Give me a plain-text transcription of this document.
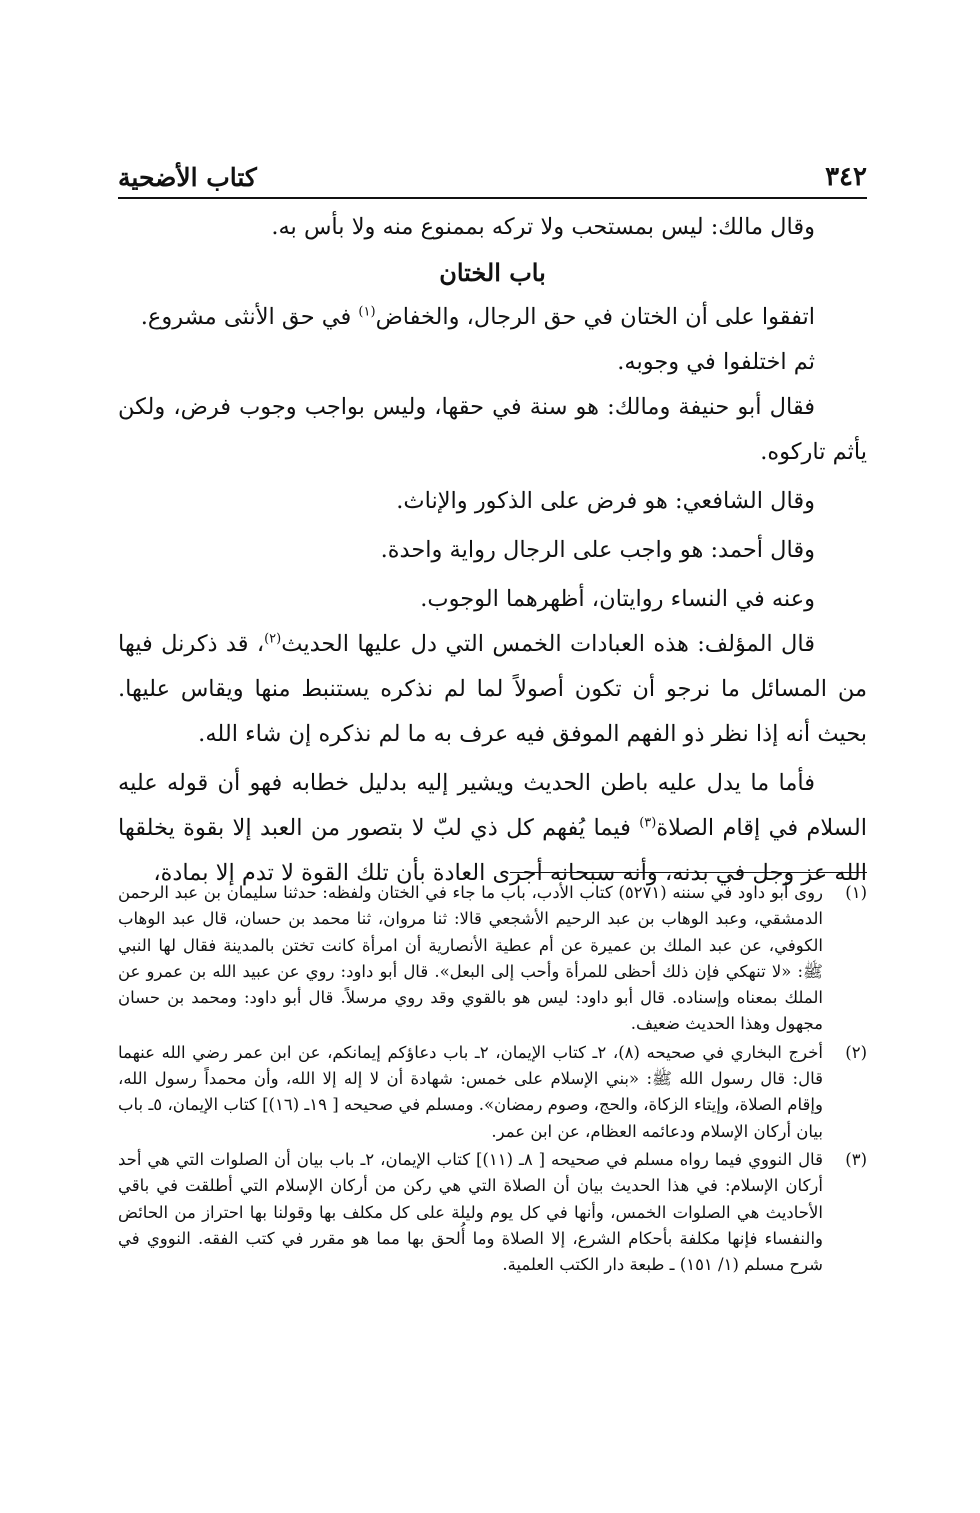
٣٤٢
كتاب الأضحية

وقال مالك: ليس بمستحب ولا تركه بممنوع منه ولا بأس به.

باب الختان

اتفقوا على أن الختان في حق الرجال، والخفاض$^{(١)}$ في حق الأنثى مشروع.

ثم اختلفوا في وجوبه.

فقال أبو حنيفة ومالك: هو سنة في حقها، وليس بواجب وجوب فرض، ولكن يأثم تاركوه.

وقال الشافعي: هو فرض على الذكور والإناث.

وقال أحمد: هو واجب على الرجال رواية واحدة.

وعنه في النساء روايتان، أظهرهما الوجوب.

قال المؤلف: هذه العبادات الخمس التي دل عليها الحديث$^{(٢)}$، قد ذكرنل فيها من المسائل ما نرجو أن تكون أصولاً لما لم نذكره يستنبط منها ويقاس عليها. بحيث أنه إذا نظر ذو الفهم الموفق فيه عرف به ما لم نذكره إن شاء الله.

فأما ما يدل عليه باطن الحديث ويشير إليه بدليل خطابه فهو أن قوله عليه السلام في إقام الصلاة$^{(٣)}$ فيما يُفهم كل ذي لبّ لا بتصور من العبد إلا بقوة يخلقها الله عز وجل في بدنه، وأنه سبحانه أجرى العادة بأن تلك القوة لا تدم إلا بمادة،

(١)
روى أبو داود في سننه (٥٢٧١) كتاب الأدب، باب ما جاء في الختان ولفظه: حدثنا سليمان بن عبد الرحمن الدمشقي، وعبد الوهاب بن عبد الرحيم الأشجعي قالا: ثنا مروان، ثنا محمد بن حسان، قال عبد الوهاب الكوفي، عن عبد الملك بن عميرة عن أم عطية الأنصارية أن امرأة كانت تختن بالمدينة فقال لها النبي ﷺ: «لا تنهكي فإن ذلك أحظى للمرأة وأحب إلى البعل». قال أبو داود: روي عن عبيد الله بن عمرو عن الملك بمعناه وإسناده. قال أبو داود: ليس هو بالقوي وقد روي مرسلاً. قال أبو داود: ومحمد بن حسان مجهول وهذا الحديث ضعيف.
(٢)
أخرج البخاري في صحيحه (٨)، ٢ـ كتاب الإيمان، ٢ـ باب دعاؤكم إيمانكم، عن ابن عمر رضي الله عنهما قال: قال رسول الله ﷺ: «بني الإسلام على خمس: شهادة أن لا إله إلا الله، وأن محمداً رسول الله، وإقام الصلاة، وإيتاء الزكاة، والحج، وصوم رمضان». ومسلم في صحيحه [ ١٩ـ (١٦)] كتاب الإيمان، ٥ـ باب بيان أركان الإسلام ودعائمه العظام، عن ابن عمر.
(٣)
قال النووي فيما رواه مسلم في صحيحه [ ٨ـ (١١)] كتاب الإيمان، ٢ـ باب بيان أن الصلوات التي هي أحد أركان الإسلام: في هذا الحديث بيان أن الصلاة التي هي ركن من أركان الإسلام التي أطلقت في باقي الأحاديث هي الصلوات الخمس، وأنها في كل يوم وليلة على كل مكلف بها وقولنا بها احتراز من الحائض والنفساء فإنها مكلفة بأحكام الشرع، إلا الصلاة وما أُلحق بها مما هو مقرر في كتب الفقه. النووي في شرح مسلم (١/ ١٥١) ـ طبعة دار الكتب العلمية.
